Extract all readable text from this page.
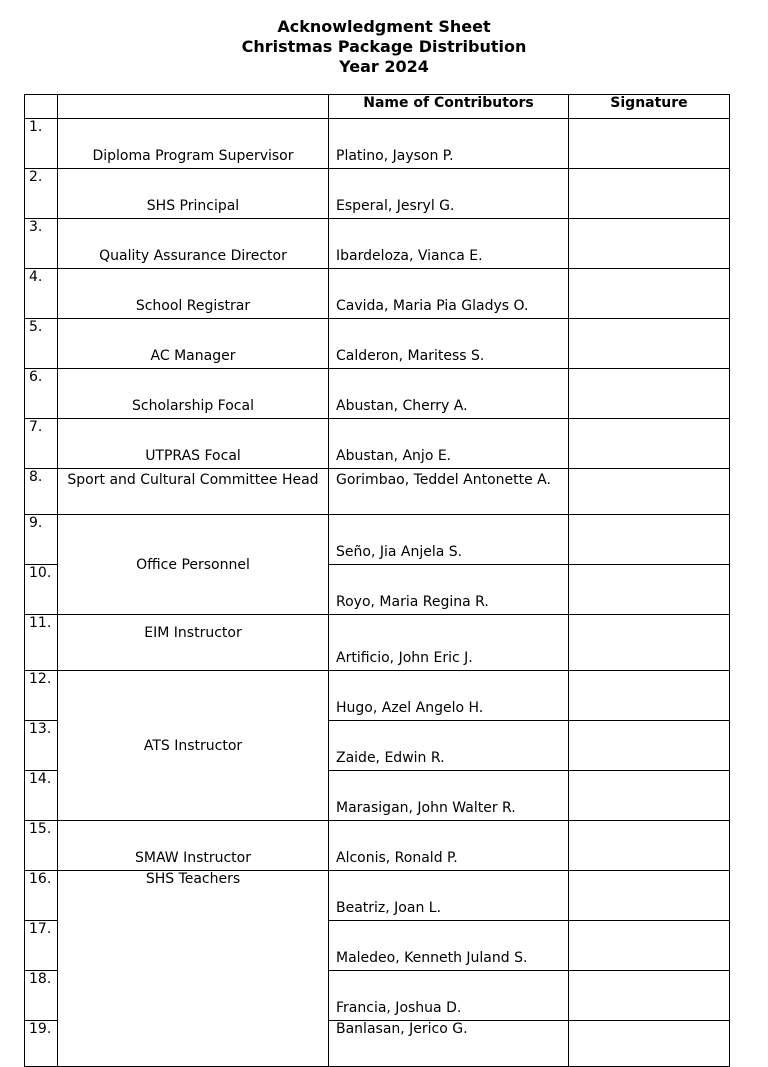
Acknowledgment Sheet
Christmas Package Distribution
Year 2024
		Name of Contributors	Signature
1.	Diploma Program Supervisor	Platino, Jayson P.	
2.	SHS Principal	Esperal, Jesryl G.	
3.	Quality Assurance Director	Ibardeloza, Vianca E.	
4.	School Registrar	Cavida, Maria Pia Gladys O.	
5.	AC Manager	Calderon, Maritess S.	
6.	Scholarship Focal	Abustan, Cherry A.	
7.	UTPRAS Focal	Abustan, Anjo E.	
8.	Sport and Cultural Committee Head	Gorimbao, Teddel Antonette A.	
9.	Office Personnel	Seño, Jia Anjela S.	
10.		Royo, Maria Regina R.	
11.	EIM Instructor	Artificio, John Eric J.	
12.	ATS Instructor	Hugo, Azel Angelo H.	
13.		Zaide, Edwin R.	
14.		Marasigan, John Walter R.	
15.	SMAW Instructor	Alconis, Ronald P.	
16.	SHS Teachers	Beatriz, Joan L.	
17.		Maledeo, Kenneth Juland S.	
18.		Francia, Joshua D.	
19.		Banlasan, Jerico G.	
